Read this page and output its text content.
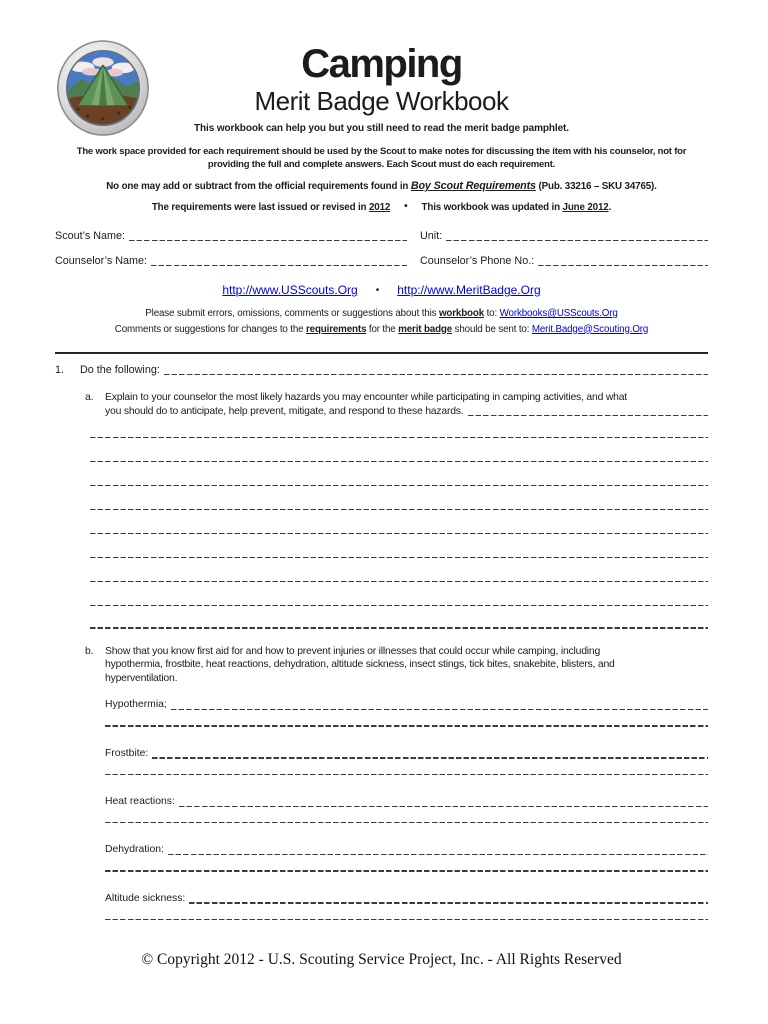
Camping
Merit Badge Workbook
This workbook can help you but you still need to read the merit badge pamphlet.
The work space provided for each requirement should be used by the Scout to make notes for discussing the item with his counselor, not for
providing the full and complete answers. Each Scout must do each requirement.
No one may add or subtract from the official requirements found in Boy Scout Requirements (Pub. 33216 – SKU 34765).
The requirements were last issued or revised in 2012 • This workbook was updated in June 2012.
Scout’s Name:	Unit:
Counselor’s Name:	Counselor’s Phone No.:
http://www.USScouts.Org • http://www.MeritBadge.Org
Please submit errors, omissions, comments or suggestions about this workbook to: Workbooks@USScouts.Org
Comments or suggestions for changes to the requirements for the merit badge should be sent to: Merit.Badge@Scouting.Org
1.	Do the following:
a.	Explain to your counselor the most likely hazards you may encounter while participating in camping activities, and what

you should do to anticipate, help prevent, mitigate, and respond to these hazards.
b.	Show that you know first aid for and how to prevent injuries or illnesses that could occur while camping, including
hypothermia, frostbite, heat reactions, dehydration, altitude sickness, insect stings, tick bites, snakebite, blisters, and
hyperventilation.
Hypothermia;
Frostbite:
Heat reactions:
Dehydration:
Altitude sickness:
© Copyright 2012 - U.S. Scouting Service Project, Inc. - All Rights Reserved
